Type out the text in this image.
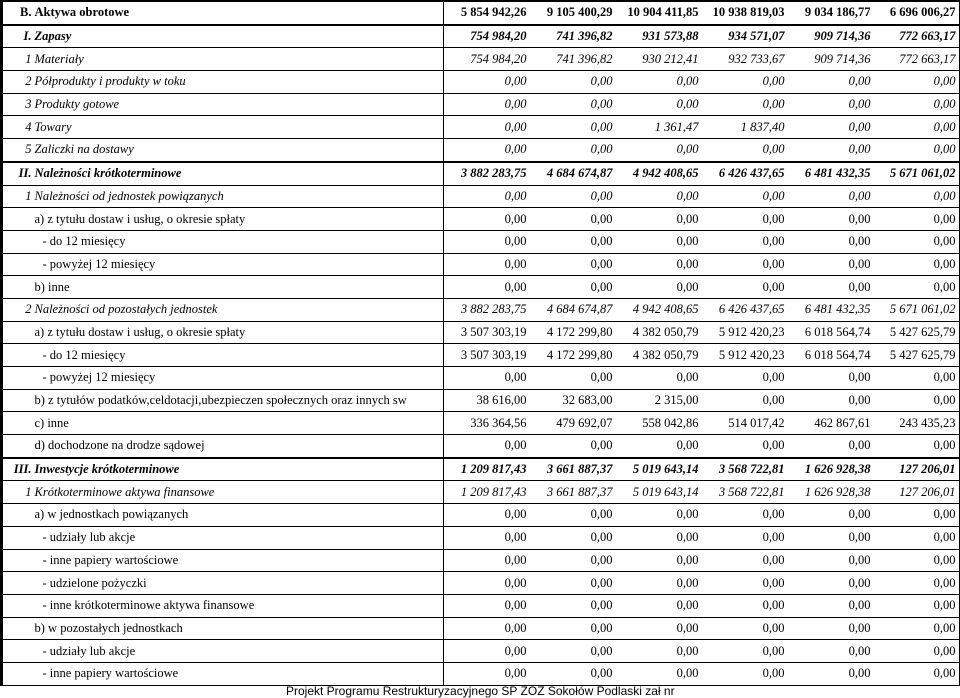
B.	Aktywa obrotowe	5 854 942,26	9 105 400,29	10 904 411,85	10 938 819,03	9 034 186,77	6 696 006,27
I.	Zapasy	754 984,20	741 396,82	931 573,88	934 571,07	909 714,36	772 663,17
1	Materiały	754 984,20	741 396,82	930 212,41	932 733,67	909 714,36	772 663,17
2	Półprodukty i produkty w toku	0,00	0,00	0,00	0,00	0,00	0,00
3	Produkty gotowe	0,00	0,00	0,00	0,00	0,00	0,00
4	Towary	0,00	0,00	1 361,47	1 837,40	0,00	0,00
5	Zaliczki na dostawy	0,00	0,00	0,00	0,00	0,00	0,00
II.	Należności krótkoterminowe	3 882 283,75	4 684 674,87	4 942 408,65	6 426 437,65	6 481 432,35	5 671 061,02
1	Należności od jednostek powiązanych	0,00	0,00	0,00	0,00	0,00	0,00
	a) z tytułu dostaw i usług, o okresie spłaty	0,00	0,00	0,00	0,00	0,00	0,00
	- do 12 miesięcy	0,00	0,00	0,00	0,00	0,00	0,00
	- powyżej 12 miesięcy	0,00	0,00	0,00	0,00	0,00	0,00
	b) inne	0,00	0,00	0,00	0,00	0,00	0,00
2	Należności od pozostałych jednostek	3 882 283,75	4 684 674,87	4 942 408,65	6 426 437,65	6 481 432,35	5 671 061,02
	a) z tytułu dostaw i usług, o okresie spłaty	3 507 303,19	4 172 299,80	4 382 050,79	5 912 420,23	6 018 564,74	5 427 625,79
	- do 12 miesięcy	3 507 303,19	4 172 299,80	4 382 050,79	5 912 420,23	6 018 564,74	5 427 625,79
	- powyżej 12 miesięcy	0,00	0,00	0,00	0,00	0,00	0,00
	b) z tytułów podatków,celdotacji,ubezpieczen społecznych oraz innych sw	38 616,00	32 683,00	2 315,00	0,00	0,00	0,00
	c) inne	336 364,56	479 692,07	558 042,86	514 017,42	462 867,61	243 435,23
	d) dochodzone na drodze sądowej	0,00	0,00	0,00	0,00	0,00	0,00
III.	Inwestycje krótkoterminowe	1 209 817,43	3 661 887,37	5 019 643,14	3 568 722,81	1 626 928,38	127 206,01
1	Krótkoterminowe aktywa finansowe	1 209 817,43	3 661 887,37	5 019 643,14	3 568 722,81	1 626 928,38	127 206,01
	a) w jednostkach powiązanych	0,00	0,00	0,00	0,00	0,00	0,00
	- udziały lub akcje	0,00	0,00	0,00	0,00	0,00	0,00
	- inne papiery wartościowe	0,00	0,00	0,00	0,00	0,00	0,00
	- udzielone pożyczki	0,00	0,00	0,00	0,00	0,00	0,00
	- inne krótkoterminowe aktywa finansowe	0,00	0,00	0,00	0,00	0,00	0,00
	b) w pozostałych jednostkach	0,00	0,00	0,00	0,00	0,00	0,00
	- udziały lub akcje	0,00	0,00	0,00	0,00	0,00	0,00
	- inne papiery wartościowe	0,00	0,00	0,00	0,00	0,00	0,00
Projekt Programu Restrukturyzacyjnego SP ZOZ Sokołów Podlaski zał nr
